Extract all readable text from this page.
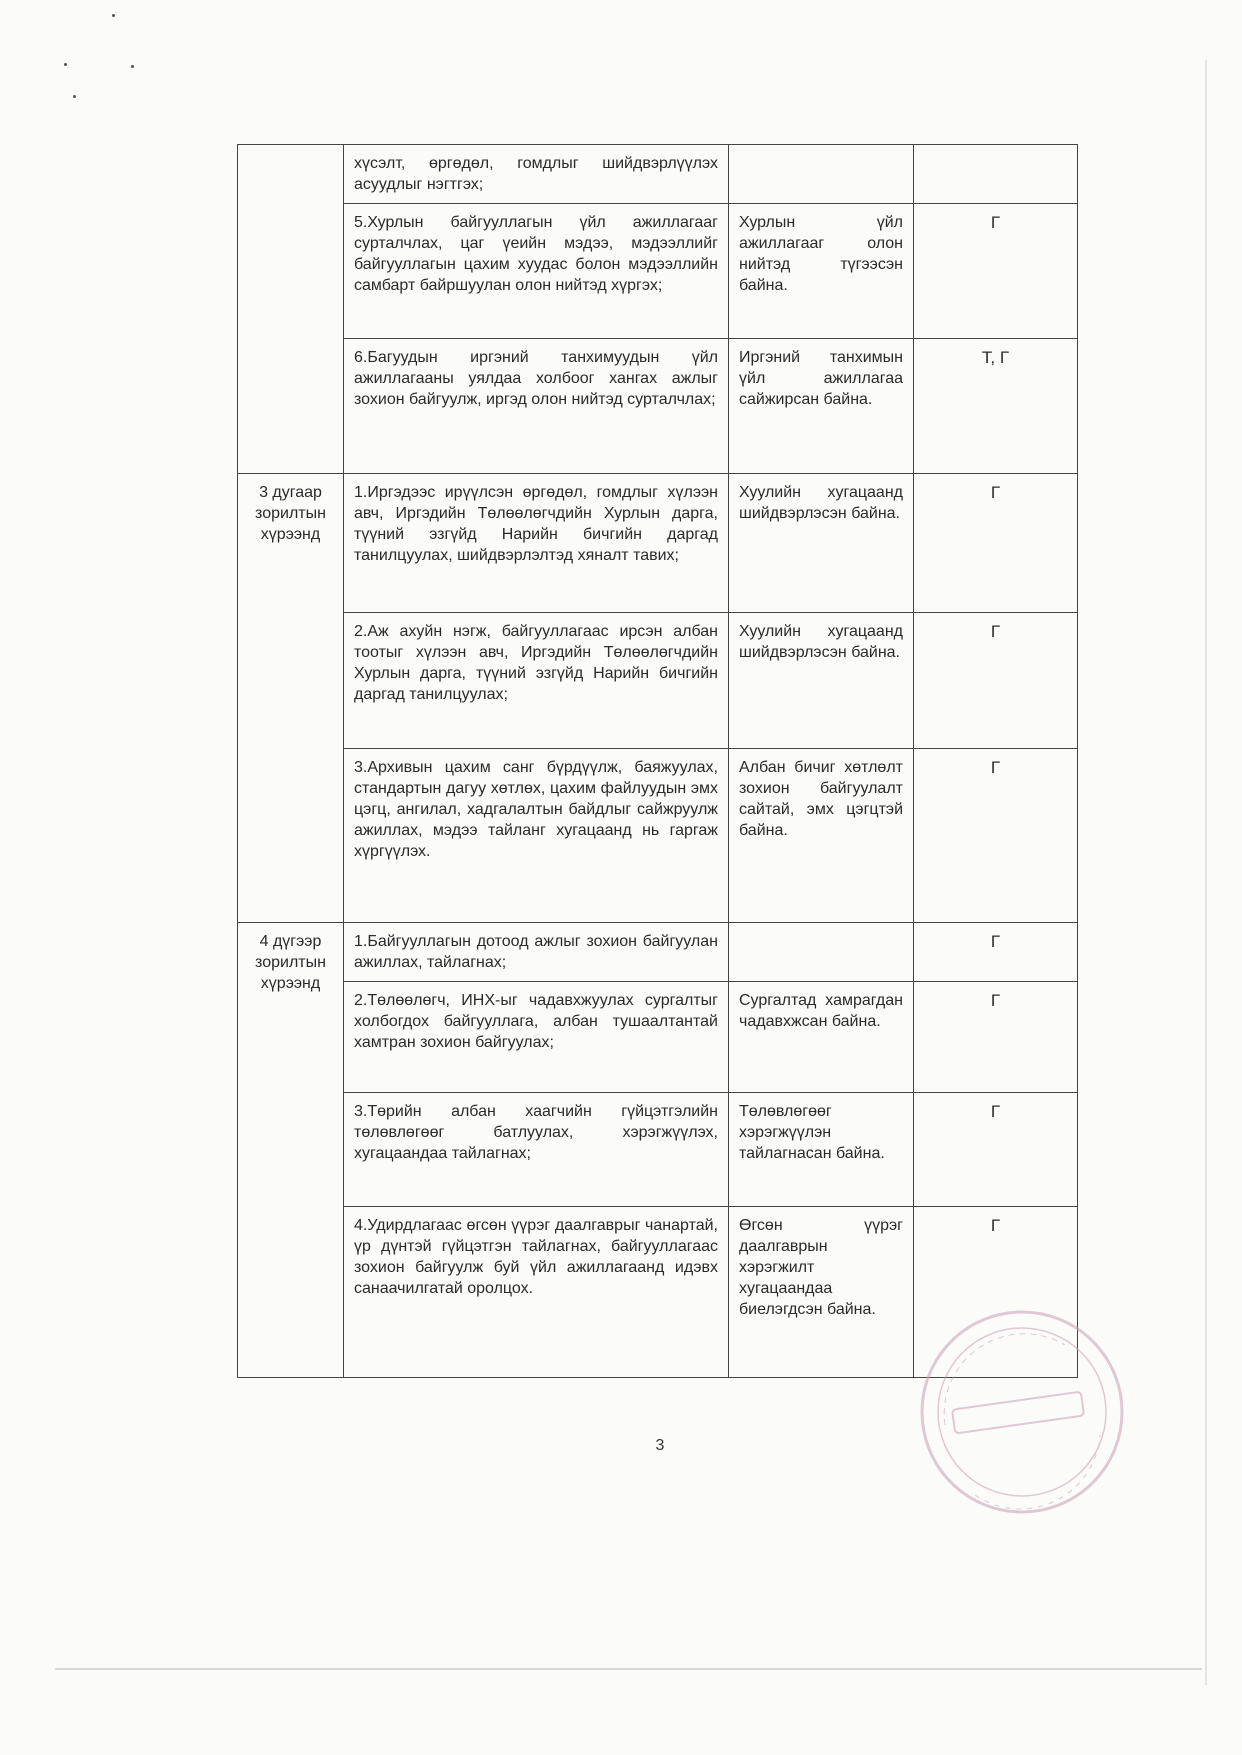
	хүсэлт, өргөдөл, гомдлыг шийдвэрлүүлэх асуудлыг нэгтгэх;		
	5.Хурлын байгууллагын үйл ажиллагааг сурталчлах, цаг үеийн мэдээ, мэдээллийг байгууллагын цахим хуудас болон мэдээллийн самбарт байршуулан олон нийтэд хүргэх;	Хурлын үйл ажиллагааг олон нийтэд түгээсэн байна.	Г
	6.Багуудын иргэний танхимуудын үйл ажиллагааны уялдаа холбоог хангах ажлыг зохион байгуулж, иргэд олон нийтэд сурталчлах;	Иргэний танхимын үйл ажиллагаа сайжирсан байна.	Т, Г
3 дугаар зорилтын хүрээнд	1.Иргэдээс ирүүлсэн өргөдөл, гомдлыг хүлээн авч, Иргэдийн Төлөөлөгчдийн Хурлын дарга, түүний эзгүйд Нарийн бичгийн даргад танилцуулах, шийдвэрлэлтэд хяналт тавих;	Хуулийн хугацаанд шийдвэрлэсэн байна.	Г
	2.Аж ахуйн нэгж, байгууллагаас ирсэн албан тоотыг хүлээн авч, Иргэдийн Төлөөлөгчдийн Хурлын дарга, түүний эзгүйд Нарийн бичгийн даргад танилцуулах;	Хуулийн хугацаанд шийдвэрлэсэн байна.	Г
	3.Архивын цахим санг бүрдүүлж, баяжуулах, стандартын дагуу хөтлөх, цахим файлуудын эмх цэгц, ангилал, хадгалалтын байдлыг сайжруулж ажиллах, мэдээ тайланг хугацаанд нь гаргаж хүргүүлэх.	Албан бичиг хөтлөлт зохион байгуулалт сайтай, эмх цэгцтэй байна.	Г
4 дүгээр зорилтын хүрээнд	1.Байгууллагын дотоод ажлыг зохион байгуулан ажиллах, тайлагнах;		Г
	2.Төлөөлөгч, ИНХ-ыг чадавхжуулах сургалтыг холбогдох байгууллага, албан тушаалтантай хамтран зохион байгуулах;	Сургалтад хамрагдан чадавхжсан байна.	Г
	3.Төрийн албан хаагчийн гүйцэтгэлийн төлөвлөгөөг батлуулах, хэрэгжүүлэх, хугацаандаа тайлагнах;	Төлөвлөгөөг хэрэгжүүлэн тайлагнасан байна.	Г
	4.Удирдлагаас өгсөн үүрэг даалгаврыг чанартай, үр дүнтэй гүйцэтгэн тайлагнах, байгууллагаас зохион байгуулж буй үйл ажиллагаанд идэвх санаачилгатай оролцох.	Өгсөн үүрэг даалгаврын хэрэгжилт хугацаандаа биелэгдсэн байна.	Г
3
